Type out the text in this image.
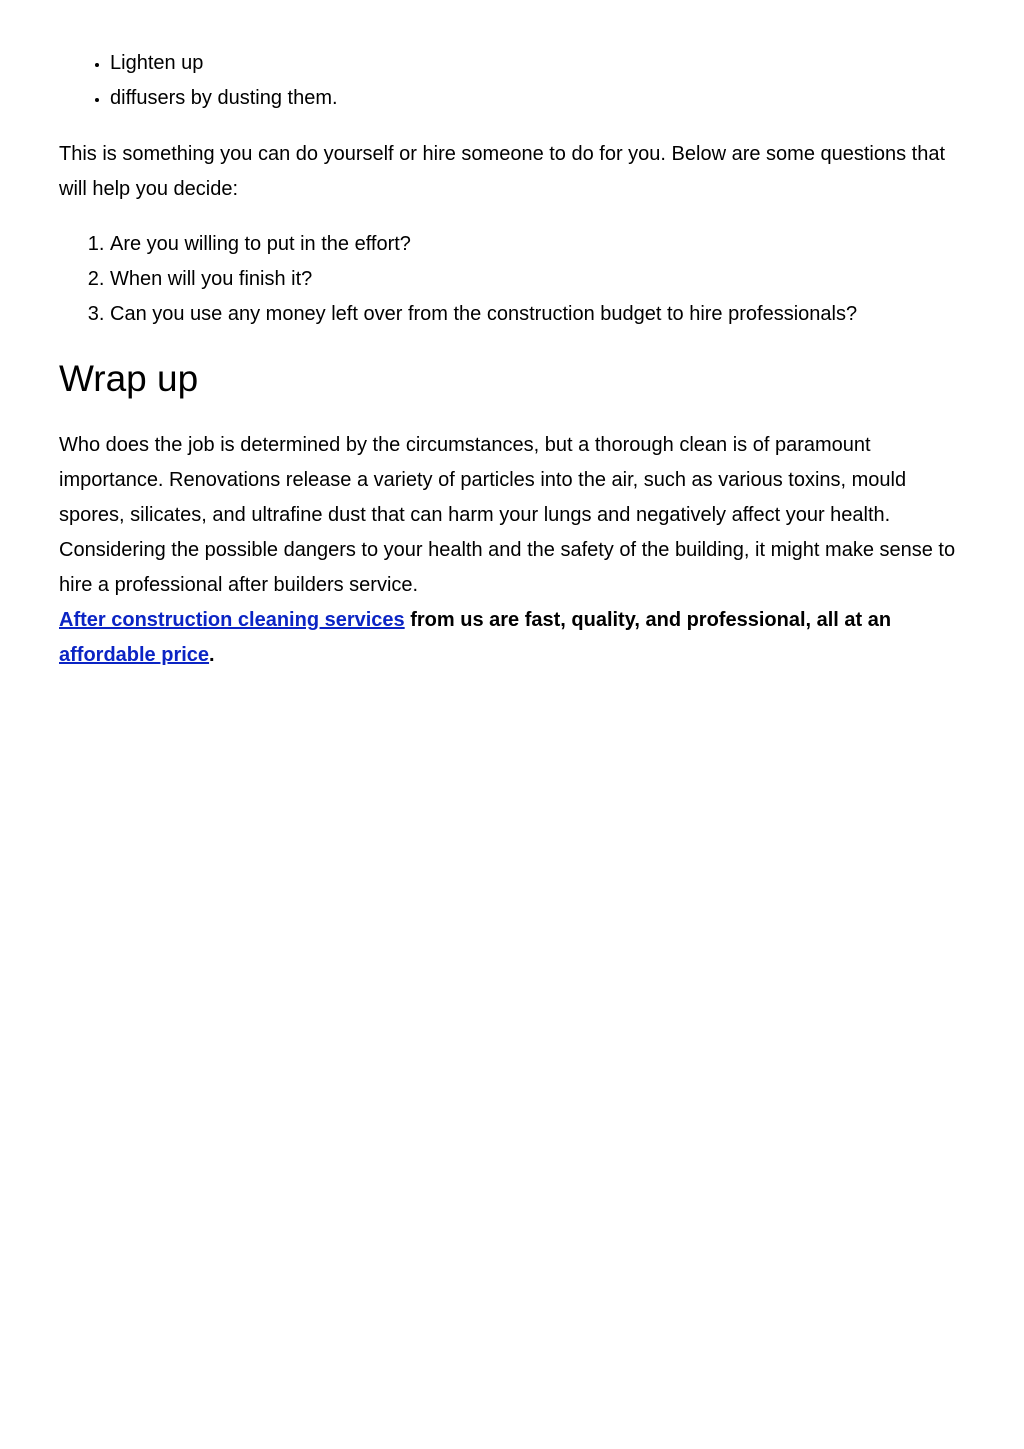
• Lighten up
• diffusers by dusting them.

This is something you can do yourself or hire someone to do for you. Below are some questions that will help you decide:

1. Are you willing to put in the effort?
2. When will you finish it?
3. Can you use any money left over from the construction budget to hire professionals?
Wrap up

Who does the job is determined by the circumstances, but a thorough clean is of paramount importance. Renovations release a variety of particles into the air, such as various toxins, mould spores, silicates, and ultrafine dust that can harm your lungs and negatively affect your health. Considering the possible dangers to your health and the safety of the building, it might make sense to hire a professional after builders service.

After construction cleaning services from us are fast, quality, and professional, all at an affordable price.
